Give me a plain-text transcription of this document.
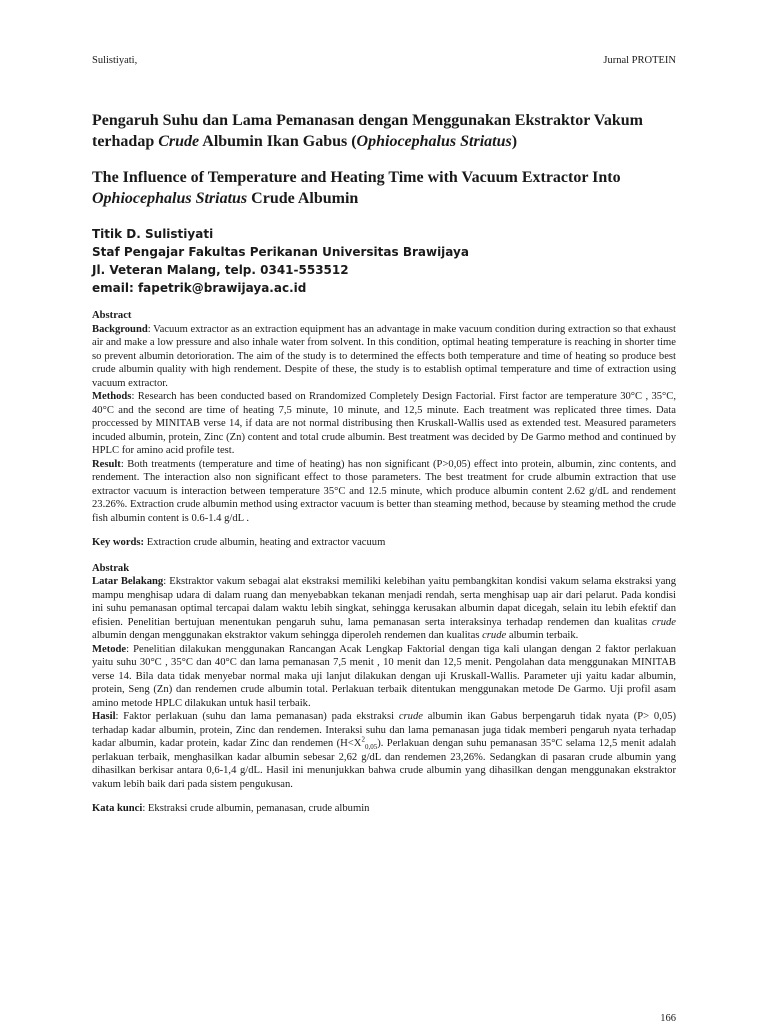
Sulistiyati,	Jurnal PROTEIN
Pengaruh Suhu dan Lama Pemanasan dengan Menggunakan Ekstraktor Vakum terhadap Crude Albumin Ikan Gabus (Ophiocephalus Striatus)
The Influence of Temperature and Heating Time with Vacuum Extractor Into Ophiocephalus Striatus Crude Albumin
Titik D. Sulistiyati
Staf Pengajar Fakultas Perikanan Universitas Brawijaya
Jl. Veteran Malang, telp. 0341-553512
email: fapetrik@brawijaya.ac.id

Abstract

Background: Vacuum extractor as an extraction equipment has an advantage in make vacuum condition during extraction so that exhaust air and make a low pressure and also inhale water from solvent. In this condition, optimal heating temperature is reaching in shorter time so prevent albumin detorioration. The aim of the study is to determined the effects both temperature and time of heating so produce best crude albumin quality with high rendement. Despite of these, the study is to establish optimal temperature and time of extraction using vacuum extractor.

Methods: Research has been conducted based on Rrandomized Completely Design Factorial. First factor are temperature 30°C , 35°C, 40°C and the second are time of heating 7,5 minute, 10 minute, and 12,5 minute. Each treatment was replicated three times. Data proccessed by MINITAB verse 14, if data are not normal distribusing then Kruskall-Wallis used as extended test. Measured parameters incuded albumin, protein, Zinc (Zn) content and total crude albumin. Best treatment was decided by De Garmo method and continued by HPLC for amino acid profile test.

Result: Both treatments (temperature and time of heating) has non significant (P>0,05) effect into protein, albumin, zinc contents, and rendement. The interaction also non significant effect to those parameters. The best treatment for crude albumin extraction that use extractor vacuum is interaction between temperature 35°C and 12.5 minute, which produce albumin content 2.62 g/dL and rendement 23.26%. Extraction crude albumin method using extractor vacuum is better than steaming method, because by steaming method the crude fish albumin content is 0.6-1.4 g/dL .

Key words: Extraction crude albumin, heating and extractor vacuum

Abstrak

Latar Belakang: Ekstraktor vakum sebagai alat ekstraksi memiliki kelebihan yaitu pembangkitan kondisi vakum selama ekstraksi yang mampu menghisap udara di dalam ruang dan menyebabkan tekanan menjadi rendah, serta menghisap uap air dari pelarut. Pada kondisi ini suhu pemanasan optimal tercapai dalam waktu lebih singkat, sehingga kerusakan albumin dapat dicegah, selain itu lebih efektif dan efisien. Penelitian bertujuan menentukan pengaruh suhu, lama pemanasan serta interaksinya terhadap rendemen dan kualitas crude albumin dengan menggunakan ekstraktor vakum sehingga diperoleh rendemen dan kualitas crude albumin terbaik.

Metode: Penelitian dilakukan menggunakan Rancangan Acak Lengkap Faktorial dengan tiga kali ulangan dengan 2 faktor perlakuan yaitu suhu 30°C , 35°C dan 40°C dan lama pemanasan 7,5 menit , 10 menit dan 12,5 menit. Pengolahan data menggunakan MINITAB verse 14. Bila data tidak menyebar normal maka uji lanjut dilakukan dengan uji Kruskall-Wallis. Parameter uji yaitu kadar albumin, protein, Seng (Zn) dan rendemen crude albumin total. Perlakuan terbaik ditentukan menggunakan metode De Garmo. Uji profil asam amino metode HPLC dilakukan untuk hasil terbaik.

Hasil: Faktor perlakuan (suhu dan lama pemanasan) pada ekstraksi crude albumin ikan Gabus berpengaruh tidak nyata (P> 0,05) terhadap kadar albumin, protein, Zinc dan rendemen. Interaksi suhu dan lama pemanasan juga tidak memberi pengaruh nyata terhadap kadar albumin, kadar protein, kadar Zinc dan rendemen $(H<X^2_{0,05})$. Perlakuan dengan suhu pemanasan 35°C selama 12,5 menit adalah perlakuan terbaik, menghasilkan kadar albumin sebesar 2,62 g/dL dan rendemen 23,26%. Sedangkan di pasaran crude albumin yang dihasilkan berkisar antara 0,6-1,4 g/dL. Hasil ini menunjukkan bahwa crude albumin yang dihasilkan dengan menggunakan ekstraktor vakum lebih baik dari pada sistem pengukusan.

Kata kunci: Ekstraksi crude albumin, pemanasan, crude albumin
166
